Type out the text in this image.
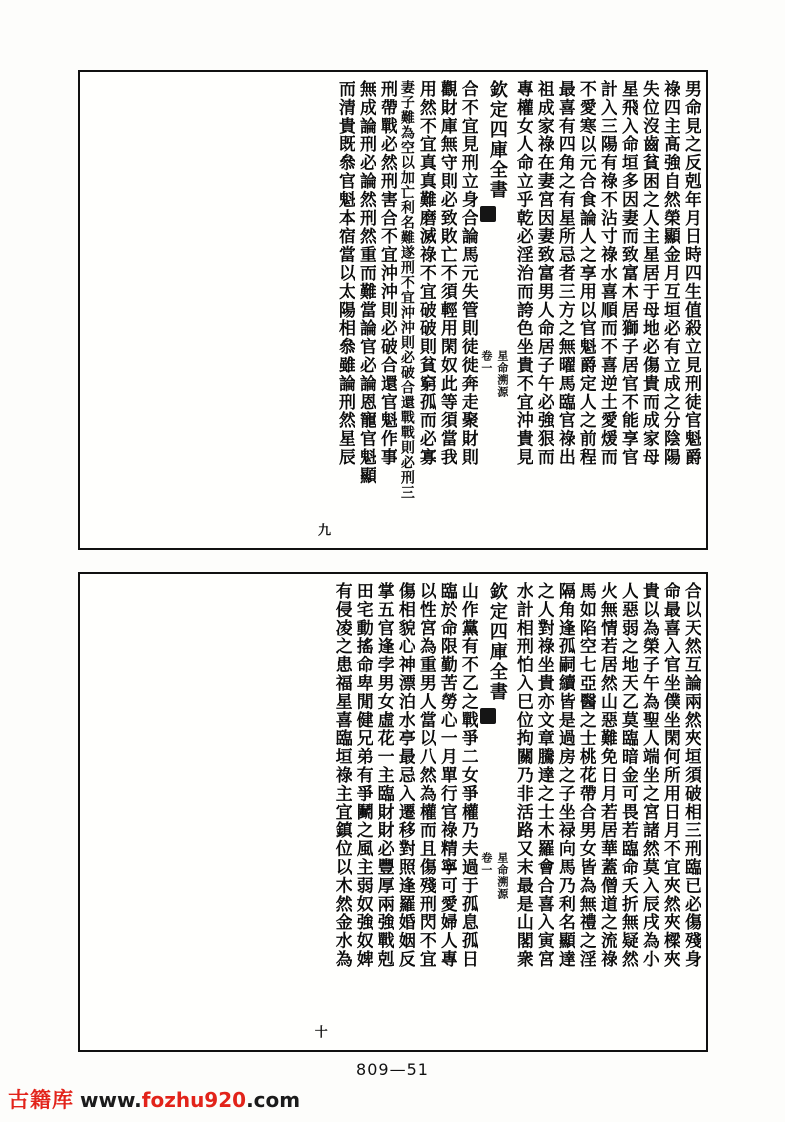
男命見之反剋年月日時四生值殺立見刑徒官魁爵
祿四主髙強自然榮顯金月互垣必有立成之分陰陽
失位沒齒貧困之人主星居于母地必傷貴而成家母
星飛入命垣多因妻而致富木居獅子居官不能享官
計入三陽有祿不沾寸祿水喜順而不喜逆土愛煖而
不愛寒以元合食論人之享用以官魁爵定人之前程
最喜有四角之有星所忌者三方之無曜馬臨官祿出
祖成家祿在妻宮因妻致富男人命居子午必強狠而
專權女人命立乎乾必淫治而誇色坐貴不宜沖貴見
欽定四庫全書
星命溯源
卷一
合不宜見刑立身合論馬元失管則徒徙奔走聚財則
觀財庫無守則必致敗亡不須輕用閑奴此等須當我
用然不宜真真難磨滅祿不宜破破則貧窮孤而必寡
妻子難為空以加亡利名難遂刑不宜沖沖則必破合還戰戰則必刑三
刑帶戰必然刑害合不宜沖沖則必破合還官魁作事
無成論刑必論然刑然重而難當論官必論恩寵官魁顯
而清貴既叅官魁本宿當以太陽相叅雖論刑然星辰
九
合以天然互論兩然夾垣須破相三刑臨已必傷殘身
命最喜入官坐僕坐閑何所用日月不宜夾然夾樑夾
貴以為榮子午為聖人端坐之宮諸然莫入辰戌為小
人惡弱之地天乙莫臨暗金可畏若臨命夭折無疑然
火無情若居然山惡難免日月若居華蓋僧道之流祿
馬如陷空七亞醫之士桃花帶合男女皆為無禮之淫
隔角逢孤嗣續皆是過房之子坐禄向馬乃利名顯達
之人對祿坐貴亦文章騰達之士木羅會合喜入寅宮
水計相刑怕入巳位拘關乃非活路又末最是山閣衆
欽定四庫全書
星命溯源
卷一
山作黨有不乙之戰爭二女爭權乃夫過于孤息孤日
臨於命限勤苦勞心一月單行官祿精寧可愛婦人專
以性宮為重男人當以八然為權而且傷殘刑閃不宜
傷相貌心神漂泊水亭最忌入遷移對照逢羅婚姻反
掌五官逢孛男女虛花一主臨財財必豐厚兩強戰剋
田宅動搖命卑閒健兄弟有爭鬭之風主弱奴強奴婢
有侵凌之患福星喜臨垣祿主宜鎮位以木然金水為
十
809—51
古籍库 www.fozhu920.com
